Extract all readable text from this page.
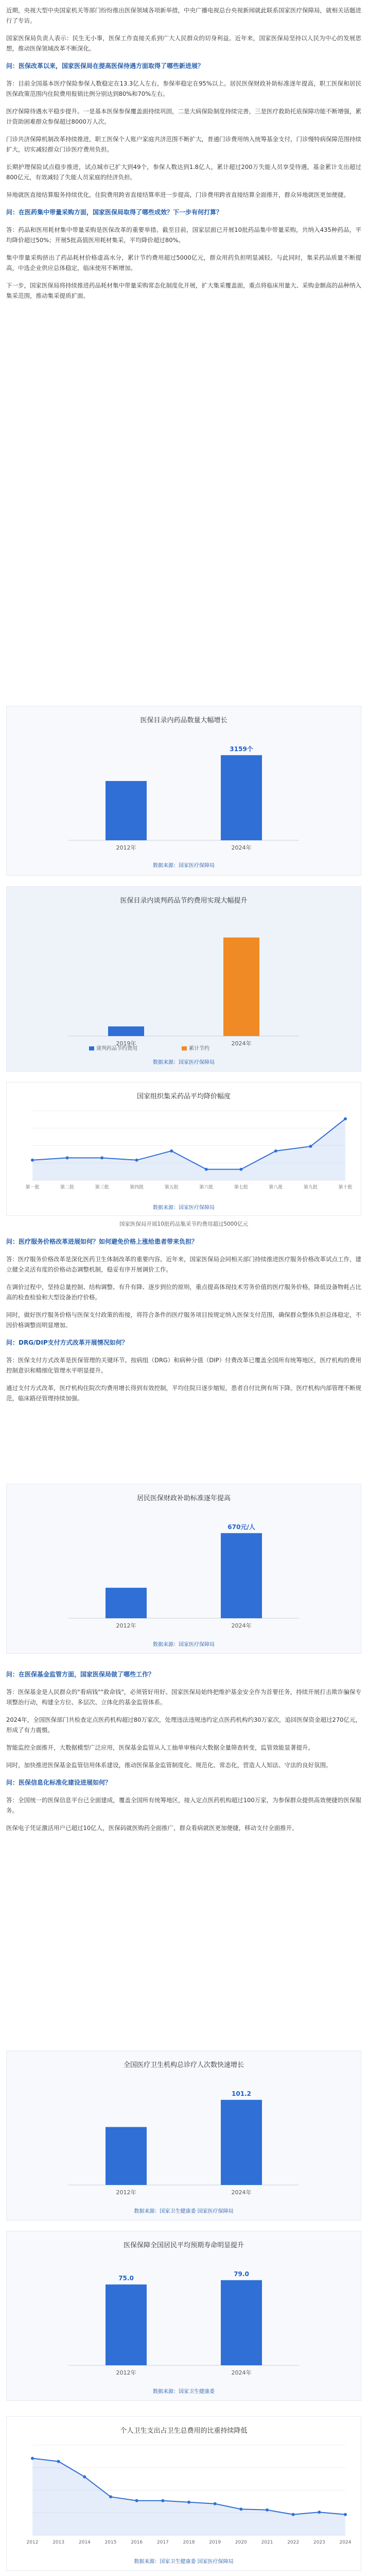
近期，央视大型中央国家机关等部门纷纷推出医保领域各项新举措，中央广播电视总台央视新闻就此联系国家医疗保障局，就相关话题进行了专访。

国家医保局负责人表示：民生无小事，医保工作直接关系到广大人民群众的切身利益。近年来，国家医保局坚持以人民为中心的发展思想，推动医保领域改革不断深化。

问：医保改革以来，国家医保局在提高医保待遇方面取得了哪些新进展？

答：目前全国基本医疗保险参保人数稳定在13.3亿人左右，参保率稳定在95%以上。居民医保财政补助标准逐年提高，职工医保和居民医保政策范围内住院费用报销比例分别达到80%和70%左右。

医疗保障待遇水平稳步提升。一是基本医保参保覆盖面持续巩固，二是大病保险制度持续完善，三是医疗救助托底保障功能不断增强，累计资助困难群众参保超过8000万人次。

门诊共济保障机制改革持续推进，职工医保个人账户家庭共济范围不断扩大，普通门诊费用纳入统筹基金支付，门诊慢特病保障范围持续扩大，切实减轻群众门诊医疗费用负担。

长期护理保险试点稳步推进，试点城市已扩大到49个，参保人数达到1.8亿人，累计超过200万失能人员享受待遇，基金累计支出超过800亿元，有效减轻了失能人员家庭的经济负担。

异地就医直接结算服务持续优化，住院费用跨省直接结算率进一步提高，门诊费用跨省直接结算全面推开，群众异地就医更加便捷。

问：在医药集中带量采购方面，国家医保局取得了哪些成效？下一步有何打算？

答：药品和医用耗材集中带量采购是医保改革的重要举措。截至目前，国家层面已开展10批药品集中带量采购，共纳入435种药品，平均降价超过50%；开展5批高值医用耗材集采，平均降价超过80%。

集中带量采购挤出了药品耗材价格虚高水分，累计节约费用超过5000亿元，群众用药负担明显减轻。与此同时，集采药品质量不断提高，中选企业供应总体稳定，临床使用不断增加。

下一步，国家医保局将持续推进药品耗材集中带量采购常态化制度化开展，扩大集采覆盖面，重点将临床用量大、采购金额高的品种纳入集采范围，推动集采提质扩面。

医保目录内药品数量大幅增长
2012年	2024年
3159个
数据来源：国家医疗保障局
医保目录内谈判药品节约费用实现大幅提升
2019年	2024年
谈判药品节约费用	累计节约
数据来源：国家医疗保障局
国家组织集采药品平均降价幅度
第一批	第二批	第三批	第四批	第五批	第六批	第七批	第八批	第九批	第十批
数据来源：国家医疗保障局
国家医保局开展10批药品集采节约费用超过5000亿元

问：医疗服务价格改革进展如何？如何避免价格上涨给患者带来负担？

答：医疗服务价格改革是深化医药卫生体制改革的重要内容。近年来，国家医保局会同相关部门持续推进医疗服务价格改革试点工作，建立健全灵活有度的价格动态调整机制，稳妥有序开展调价工作。

在调价过程中，坚持总量控制、结构调整、有升有降、逐步到位的原则，重点提高体现技术劳务价值的医疗服务价格，降低设备物耗占比高的检查检验和大型设备治疗价格。

同时，做好医疗服务价格与医保支付政策的衔接，将符合条件的医疗服务项目按规定纳入医保支付范围，确保群众整体负担总体稳定，不因价格调整而明显增加。

问：DRG/DIP支付方式改革开展情况如何？

答：医保支付方式改革是医保管理的关键环节。按病组（DRG）和病种分值（DIP）付费改革已覆盖全国所有统筹地区，医疗机构的费用控制意识和精细化管理水平明显提升。

通过支付方式改革，医疗机构住院次均费用增长得到有效控制，平均住院日逐步缩短，患者自付比例有所下降。医疗机构内部管理不断规范，临床路径管理持续加强。

居民医保财政补助标准逐年提高
2012年	2024年
670元/人
数据来源：国家医疗保障局

问：在医保基金监管方面，国家医保局做了哪些工作？

答：医保基金是人民群众的"看病钱""救命钱"，必须管好用好。国家医保局始终把维护基金安全作为首要任务，持续开展打击欺诈骗保专项整治行动，构建全方位、多层次、立体化的基金监管体系。

2024年，全国医保部门共检查定点医药机构超过80万家次，处理违法违规违约定点医药机构约30万家次，追回医保资金超过270亿元，形成了有力震慑。

智能监控全面推开，大数据模型广泛应用，医保基金监管从人工抽单审核向大数据全量筛查转变，监管效能显著提升。

同时，加快推进医保基金监管信用体系建设，推动医保基金监管制度化、规范化、常态化，营造人人知法、守法的良好氛围。

问：医保信息化标准化建设进展如何？

答：全国统一的医保信息平台已全面建成，覆盖全国所有统筹地区，接入定点医药机构超过100万家，为参保群众提供高效便捷的医保服务。

医保电子凭证激活用户已超过10亿人，医保码就医购药全面推广，群众看病就医更加便捷，移动支付全面推开。

全国医疗卫生机构总诊疗人次数快速增长
2012年	2024年
101.2
数据来源：国家卫生健康委 国家医疗保障局
医保保障全国居民平均预期寿命明显提升
2012年
75.0
2024年
79.0
数据来源：国家卫生健康委
个人卫生支出占卫生总费用的比重持续降低
2012	2013	2014	2015	2016	2017	2018	2019	2020	2021	2022	2023	2024
数据来源：国家卫生健康委 国家医疗保障局
